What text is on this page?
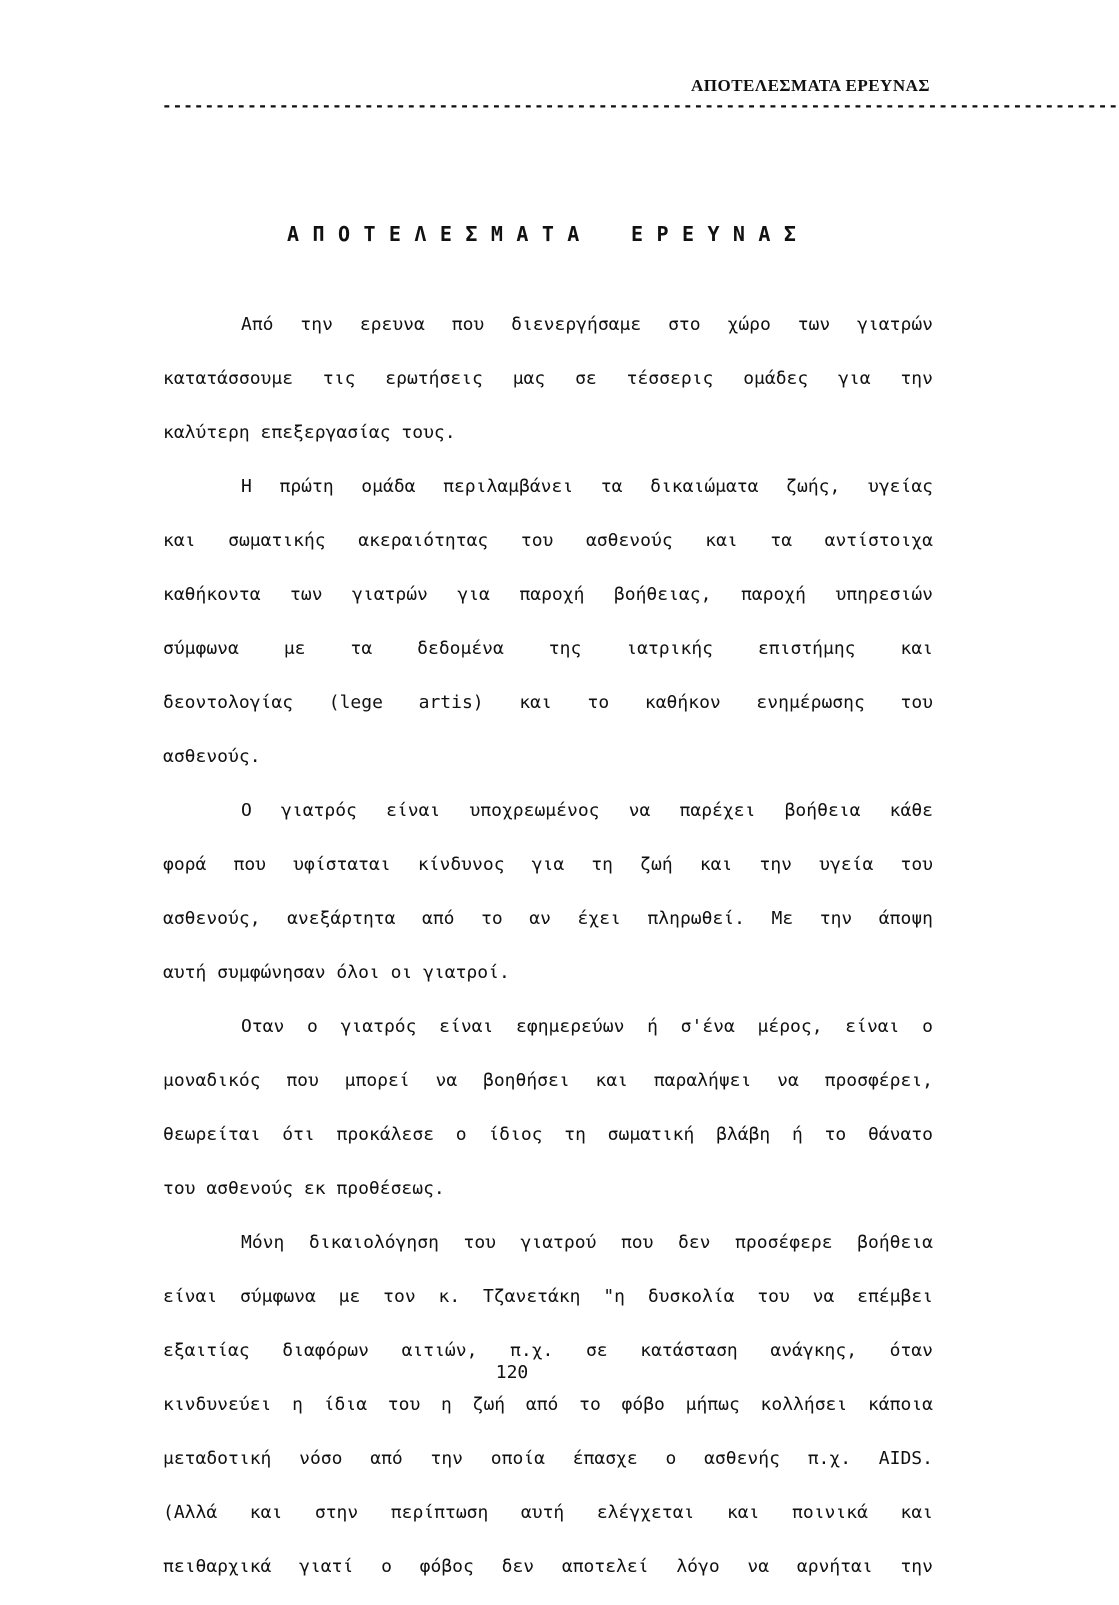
ΑΠΟΤΕΛΕΣΜΑΤΑ ΕΡΕΥΝΑΣ
------------------------------------------------------------------------------------------
Α Π Ο Τ Ε Λ Ε Σ Μ Α Τ Α    Ε Ρ Ε Υ Ν Α Σ
Από την ερευνα που διενεργήσαμε στο χώρο των γιατρών
κατατάσσουμε τις ερωτήσεις μας σε τέσσερις ομάδες για την
καλύτερη επεξεργασίας τους.
Η πρώτη ομάδα περιλαμβάνει τα δικαιώματα ζωής, υγείας
και σωματικής ακεραιότητας του ασθενούς και τα αντίστοιχα
καθήκοντα των γιατρών για παροχή βοήθειας, παροχή υπηρεσιών
σύμφωνα με τα δεδομένα της ιατρικής επιστήμης και
δεοντολογίας (lege artis) και το καθήκον ενημέρωσης του
ασθενούς.
Ο γιατρός είναι υποχρεωμένος να παρέχει βοήθεια κάθε
φορά που υφίσταται κίνδυνος για τη ζωή και την υγεία του
ασθενούς, ανεξάρτητα από το αν έχει πληρωθεί. Με την άποψη
αυτή συμφώνησαν όλοι οι γιατροί.
Οταν ο γιατρός είναι εφημερεύων ή σ'ένα μέρος, είναι ο
μοναδικός που μπορεί να βοηθήσει και παραλήψει να προσφέρει,
θεωρείται ότι προκάλεσε ο ίδιος τη σωματική βλάβη ή το θάνατο
του ασθενούς εκ προθέσεως.
Μόνη δικαιολόγηση του γιατρού που δεν προσέφερε βοήθεια
είναι σύμφωνα με τον κ. Τζανετάκη "η δυσκολία του να επέμβει
εξαιτίας διαφόρων αιτιών, π.χ. σε κατάσταση ανάγκης, όταν
κινδυνεύει η ίδια του η ζωή από το φόβο μήπως κολλήσει κάποια
μεταδοτική νόσο από την οποία έπασχε ο ασθενής π.χ. AIDS.
(Αλλά και στην περίπτωση αυτή ελέγχεται και ποινικά και
πειθαρχικά γιατί ο φόβος δεν αποτελεί λόγο να αρνήται την
120
